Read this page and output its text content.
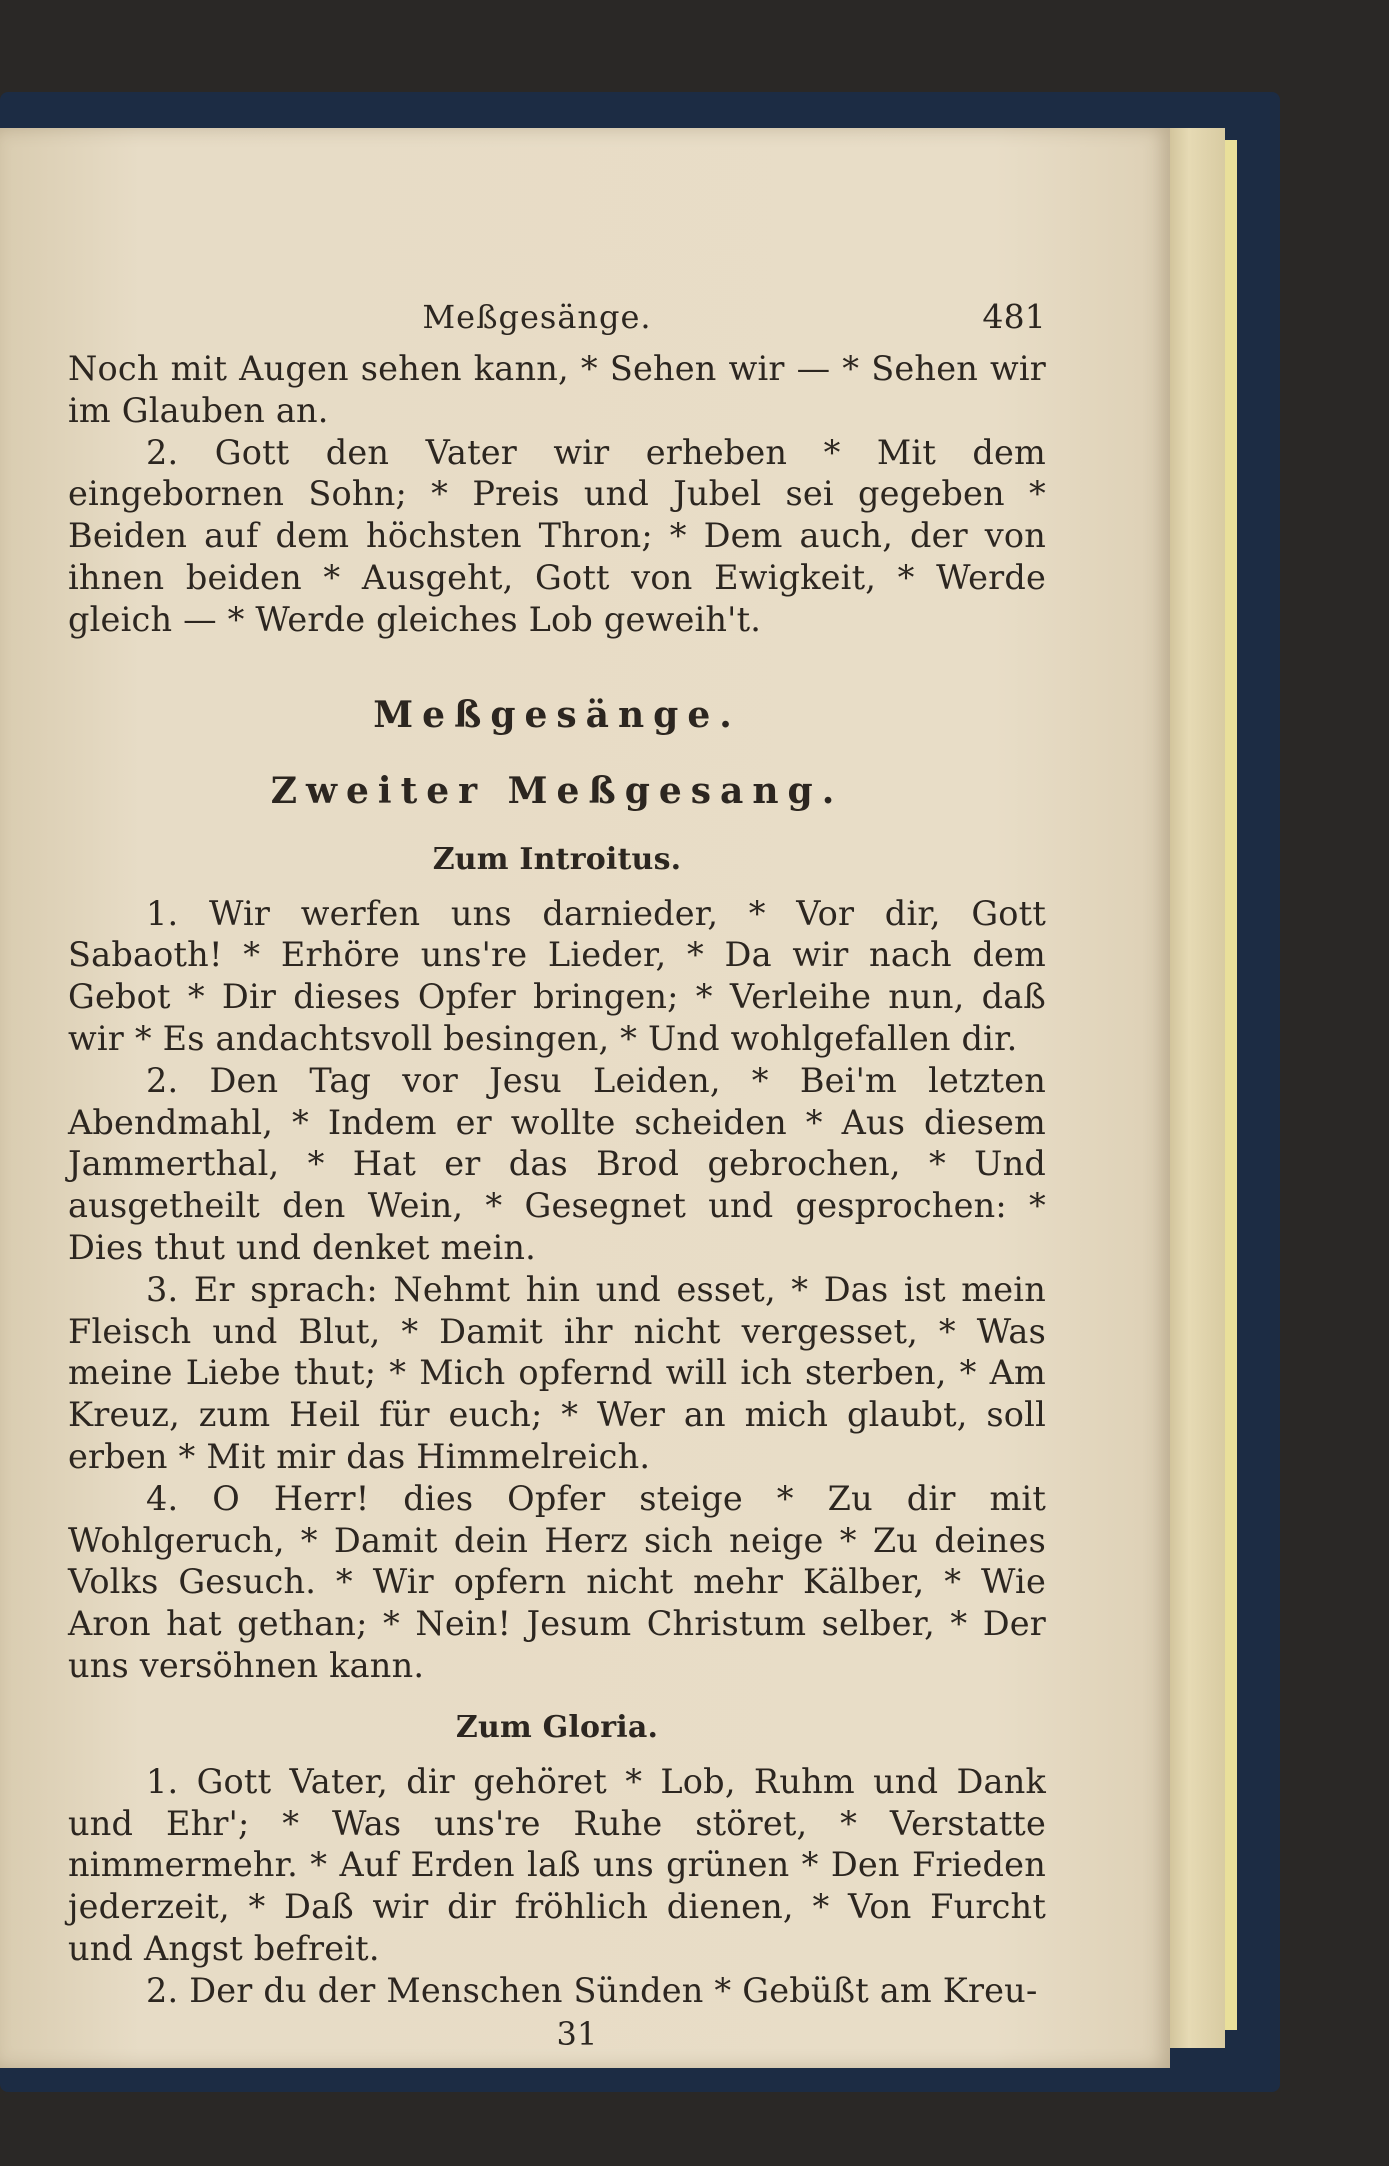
Meßgesänge.	481

Noch mit Augen sehen kann, * Sehen wir — * Sehen wir im Glauben an.

2. Gott den Vater wir erheben * Mit dem eingebornen Sohn; * Preis und Jubel sei gegeben * Beiden auf dem höchsten Thron; * Dem auch, der von ihnen beiden * Ausgeht, Gott von Ewigkeit, * Werde gleich — * Werde gleiches Lob geweih't.

Meßgesänge.

Zweiter Meßgesang.

Zum Introitus.

1. Wir werfen uns darnieder, * Vor dir, Gott Sabaoth! * Erhöre uns're Lieder, * Da wir nach dem Gebot * Dir dieses Opfer bringen; * Verleihe nun, daß wir * Es andachtsvoll besingen, * Und wohlgefallen dir.

2. Den Tag vor Jesu Leiden, * Bei'm letzten Abendmahl, * Indem er wollte scheiden * Aus diesem Jammerthal, * Hat er das Brod gebrochen, * Und ausgetheilt den Wein, * Gesegnet und gesprochen: * Dies thut und denket mein.

3. Er sprach: Nehmt hin und esset, * Das ist mein Fleisch und Blut, * Damit ihr nicht vergesset, * Was meine Liebe thut; * Mich opfernd will ich sterben, * Am Kreuz, zum Heil für euch; * Wer an mich glaubt, soll erben * Mit mir das Himmelreich.

4. O Herr! dies Opfer steige * Zu dir mit Wohlgeruch, * Damit dein Herz sich neige * Zu deines Volks Gesuch. * Wir opfern nicht mehr Kälber, * Wie Aron hat gethan; * Nein! Jesum Christum selber, * Der uns versöhnen kann.

Zum Gloria.

1. Gott Vater, dir gehöret * Lob, Ruhm und Dank und Ehr'; * Was uns're Ruhe störet, * Verstatte nimmermehr. * Auf Erden laß uns grünen * Den Frieden jederzeit, * Daß wir dir fröhlich dienen, * Von Furcht und Angst befreit.

2. Der du der Menschen Sünden * Gebüßt am Kreu-

31
